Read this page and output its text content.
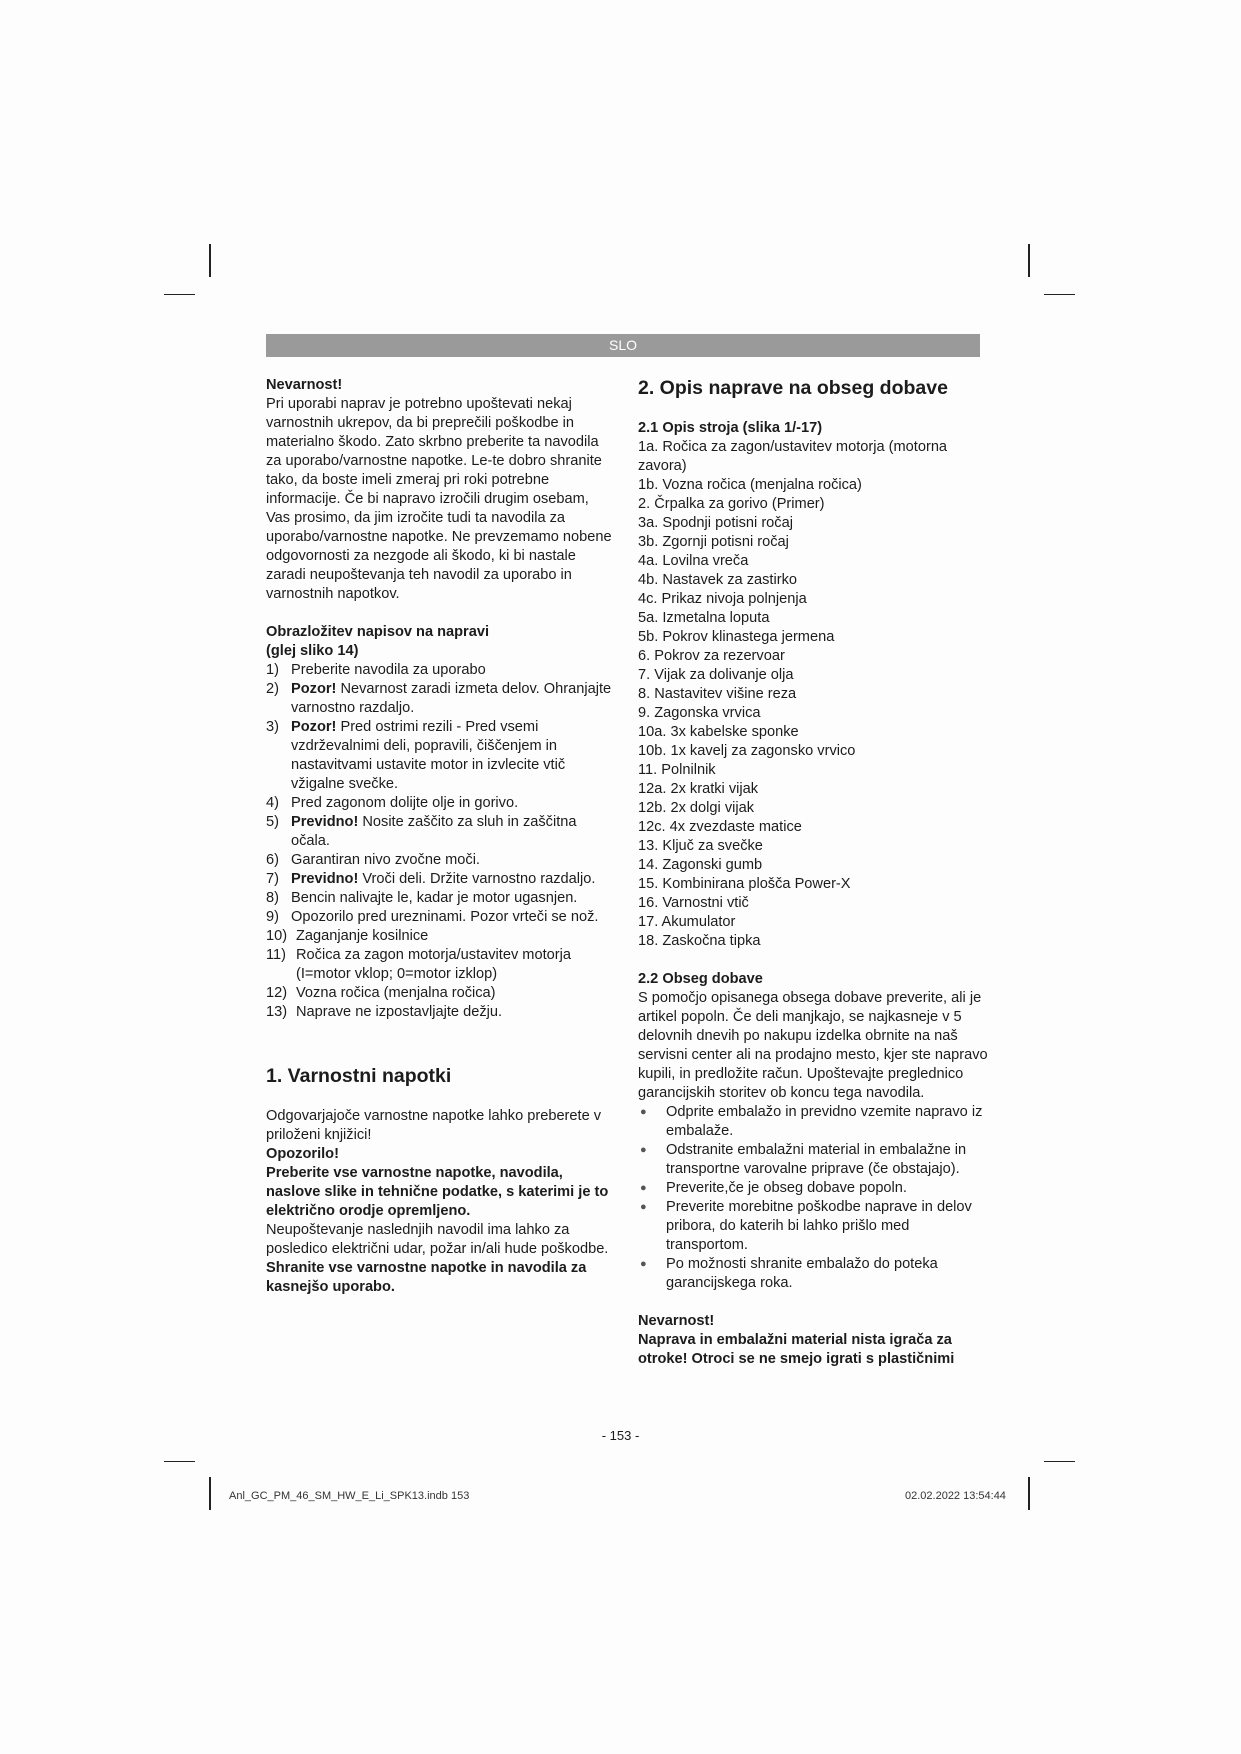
SLO
Nevarnost!
Pri uporabi naprav je potrebno upoštevati nekaj varnostnih ukrepov, da bi preprečili poškodbe in materialno škodo. Zato skrbno preberite ta navodila za uporabo/varnostne napotke. Le-te dobro shranite tako, da boste imeli zmeraj pri roki potrebne informacije. Če bi napravo izročili drugim osebam, Vas prosimo, da jim izročite tudi ta navodila za uporabo/varnostne napotke. Ne prevzemamo nobene odgovornosti za nezgode ali škodo, ki bi nastale zaradi neupoštevanja teh navodil za uporabo in varnostnih napotkov.
Obrazložitev napisov na napravi
(glej sliko 14)
1) Preberite navodila za uporabo
2) Pozor! Nevarnost zaradi izmeta delov. Ohranjajte varnostno razdaljo.
3) Pozor! Pred ostrimi rezili - Pred vsemi vzdrževalnimi deli, popravili, čiščenjem in nastavitvami ustavite motor in izvlecite vtič vžigalne svečke.
4) Pred zagonom dolijte olje in gorivo.
5) Previdno! Nosite zaščito za sluh in zaščitna očala.
6) Garantiran nivo zvočne moči.
7) Previdno! Vroči deli. Držite varnostno razdaljo.
8) Bencin nalivajte le, kadar je motor ugasnjen.
9) Opozorilo pred urezninami. Pozor vrteči se nož.
10) Zaganjanje kosilnice
11) Ročica za zagon motorja/ustavitev motorja (I=motor vklop; 0=motor izklop)
12) Vozna ročica (menjalna ročica)
13) Naprave ne izpostavljajte dežju.
1. Varnostni napotki
Odgovarjajoče varnostne napotke lahko preberete v priloženi knjižici!
Opozorilo!
Preberite vse varnostne napotke, navodila, naslove slike in tehnične podatke, s katerimi je to električno orodje opremljeno.
Neupoštevanje naslednjih navodil ima lahko za posledico električni udar, požar in/ali hude poškodbe.
Shranite vse varnostne napotke in navodila za kasnejšo uporabo.
2. Opis naprave na obseg dobave
2.1 Opis stroja (slika 1/-17)
1a. Ročica za zagon/ustavitev motorja (motorna zavora)
1b. Vozna ročica (menjalna ročica)
2. Črpalka za gorivo (Primer)
3a. Spodnji potisni ročaj
3b. Zgornji potisni ročaj
4a. Lovilna vreča
4b. Nastavek za zastirko
4c. Prikaz nivoja polnjenja
5a. Izmetalna loputa
5b. Pokrov klinastega jermena
6. Pokrov za rezervoar
7. Vijak za dolivanje olja
8. Nastavitev višine reza
9. Zagonska vrvica
10a. 3x kabelske sponke
10b. 1x kavelj za zagonsko vrvico
11. Polnilnik
12a. 2x kratki vijak
12b. 2x dolgi vijak
12c. 4x zvezdaste matice
13. Ključ za svečke
14. Zagonski gumb
15. Kombinirana plošča Power-X
16. Varnostni vtič
17. Akumulator
18. Zaskočna tipka
2.2 Obseg dobave
S pomočjo opisanega obsega dobave preverite, ali je artikel popoln. Če deli manjkajo, se najkasneje v 5 delovnih dnevih po nakupu izdelka obrnite na naš servisni center ali na prodajno mesto, kjer ste napravo kupili, in predložite račun. Upoštevajte preglednico garancijskih storitev ob koncu tega navodila.
●	Odprite embalažo in previdno vzemite napravo iz embalaže.
●	Odstranite embalažni material in embalažne in transportne varovalne priprave (če obstajajo).
●	Preverite,če je obseg dobave popoln.
●	Preverite morebitne poškodbe naprave in delov pribora, do katerih bi lahko prišlo med transportom.
●	Po možnosti shranite embalažo do poteka garancijskega roka.
Nevarnost!
Naprava in embalažni material nista igrača za otroke! Otroci se ne smejo igrati s plastičnimi
- 153 -
Anl_GC_PM_46_SM_HW_E_Li_SPK13.indb 153	02.02.2022 13:54:44
